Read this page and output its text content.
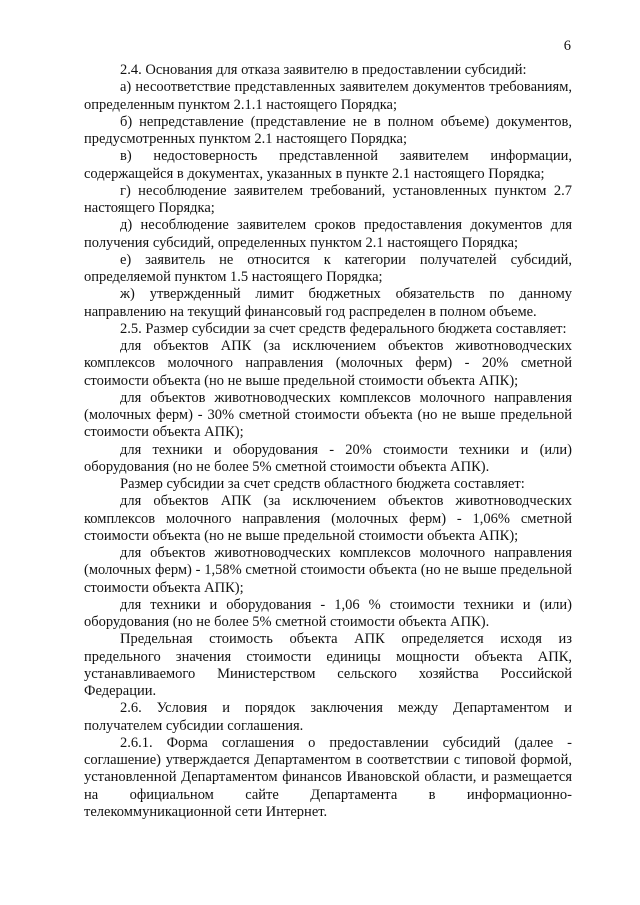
6

2.4. Основания для отказа заявителю в предоставлении субсидий:

а) несоответствие представленных заявителем документов требованиям, определенным пунктом 2.1.1 настоящего Порядка;

б) непредставление (представление не в полном объеме) документов, предусмотренных пунктом 2.1 настоящего Порядка;

в) недостоверность представленной заявителем информации, содержащейся в документах, указанных в пункте 2.1 настоящего Порядка;

г) несоблюдение заявителем требований, установленных пунктом 2.7 настоящего Порядка;

д) несоблюдение заявителем сроков предоставления документов для получения субсидий, определенных пунктом 2.1 настоящего Порядка;

е) заявитель не относится к категории получателей субсидий, определяемой пунктом 1.5 настоящего Порядка;

ж) утвержденный лимит бюджетных обязательств по данному направлению на текущий финансовый год распределен в полном объеме.

2.5. Размер субсидии за счет средств федерального бюджета составляет:

для объектов АПК (за исключением объектов животноводческих комплексов молочного направления (молочных ферм) - 20% сметной стоимости объекта (но не выше предельной стоимости объекта АПК);

для объектов животноводческих комплексов молочного направления (молочных ферм) - 30% сметной стоимости объекта (но не выше предельной стоимости объекта АПК);

для техники и оборудования - 20% стоимости техники и (или) оборудования (но не более 5% сметной стоимости объекта АПК).

Размер субсидии за счет средств областного бюджета составляет:

для объектов АПК (за исключением объектов животноводческих комплексов молочного направления (молочных ферм) - 1,06% сметной стоимости объекта (но не выше предельной стоимости объекта АПК);

для объектов животноводческих комплексов молочного направления (молочных ферм) - 1,58% сметной стоимости объекта (но не выше предельной стоимости объекта АПК);

для техники и оборудования - 1,06 % стоимости техники и (или) оборудования (но не более 5% сметной стоимости объекта АПК).

Предельная стоимость объекта АПК определяется исходя из предельного значения стоимости единицы мощности объекта АПК, устанавливаемого Министерством сельского хозяйства Российской Федерации.

2.6. Условия и порядок заключения между Департаментом и получателем субсидии соглашения.

2.6.1. Форма соглашения о предоставлении субсидий (далее - соглашение) утверждается Департаментом в соответствии с типовой формой, установленной Департаментом финансов Ивановской области, и размещается на официальном сайте Департамента в информационно-телекоммуникационной сети Интернет.
